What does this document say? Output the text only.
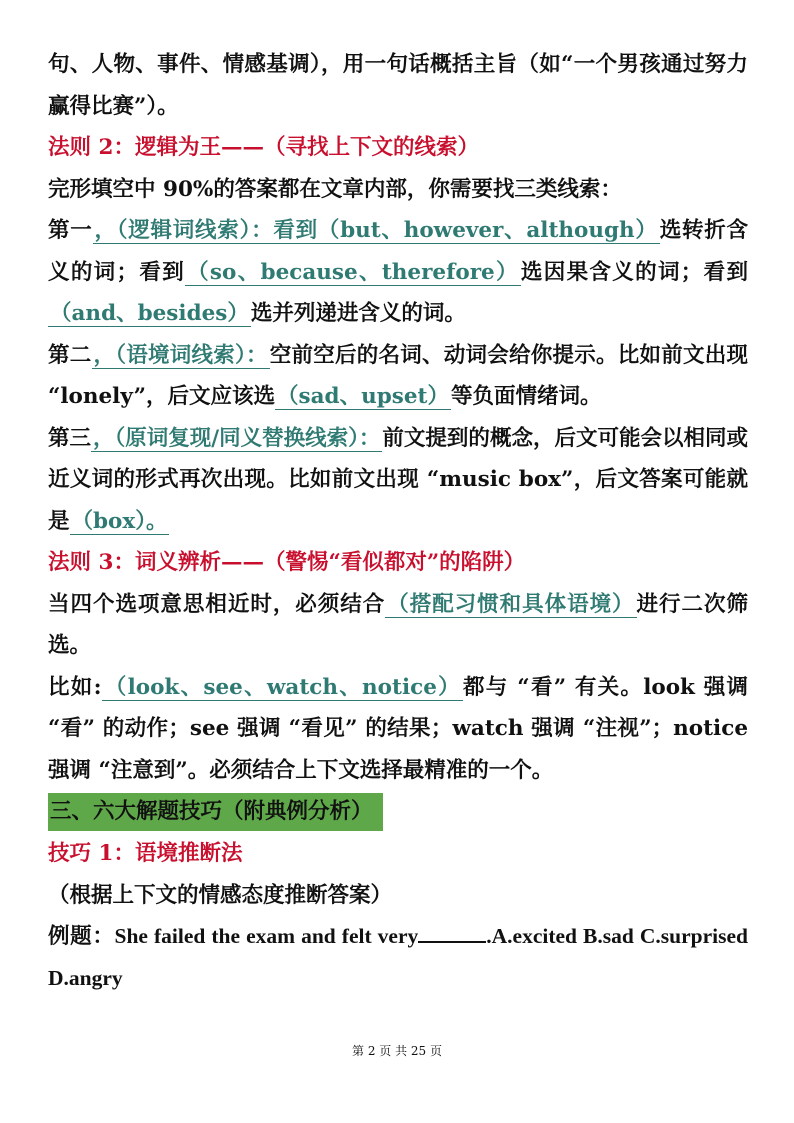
句、人物、事件、情感基调），用一句话概括主旨（如“一个男孩通过努力赢得比赛”）。

法则 2：逻辑为王——（寻找上下文的线索）

完形填空中 90%的答案都在文章内部，你需要找三类线索：

第一，（逻辑词线索）：看到（but、however、although）选转折含义的词；看到（so、because、therefore）选因果含义的词；看到（and、besides）选并列递进含义的词。

第二，（语境词线索）：空前空后的名词、动词会给你提示。比如前文出现 “lonely”，后文应该选（sad、upset）等负面情绪词。

第三，（原词复现/同义替换线索）：前文提到的概念，后文可能会以相同或近义词的形式再次出现。比如前文出现 “music box”，后文答案可能就是（box）。

法则 3：词义辨析——（警惕“看似都对”的陷阱）

当四个选项意思相近时，必须结合（搭配习惯和具体语境）进行二次筛选。

比如:（look、see、watch、notice）都与 “看” 有关。look 强调 “看” 的动作；see 强调 “看见” 的结果；watch 强调 “注视”；notice 强调 “注意到”。必须结合上下文选择最精准的一个。

三、六大解题技巧（附典例分析）

技巧 1：语境推断法

（根据上下文的情感态度推断答案）

例题：She failed the exam and felt very	.A.excited B.sad C.surprised D.angry

第 2 页 共 25 页
